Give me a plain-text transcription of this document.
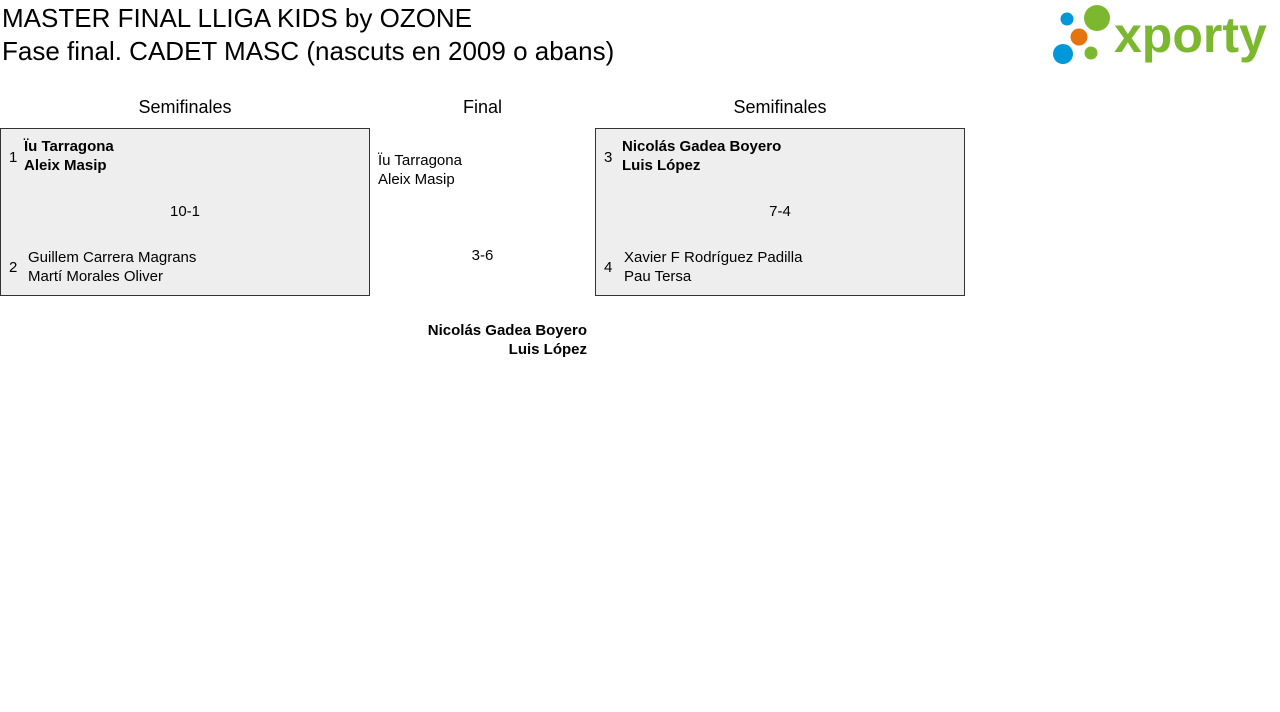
MASTER FINAL LLIGA KIDS by OZONE
Fase final. CADET MASC (nascuts en 2009 o abans)	xporty
Semifinales	Final	Semifinales
1
Ïu Tarragona
Aleix Masip
10-1
2
Guillem Carrera Magrans
Martí Morales Oliver
Ïu Tarragona
Aleix Masip
3-6
Nicolás Gadea Boyero
Luis López
3
Nicolás Gadea Boyero
Luis López
7-4
4
Xavier F Rodríguez Padilla
Pau Tersa
